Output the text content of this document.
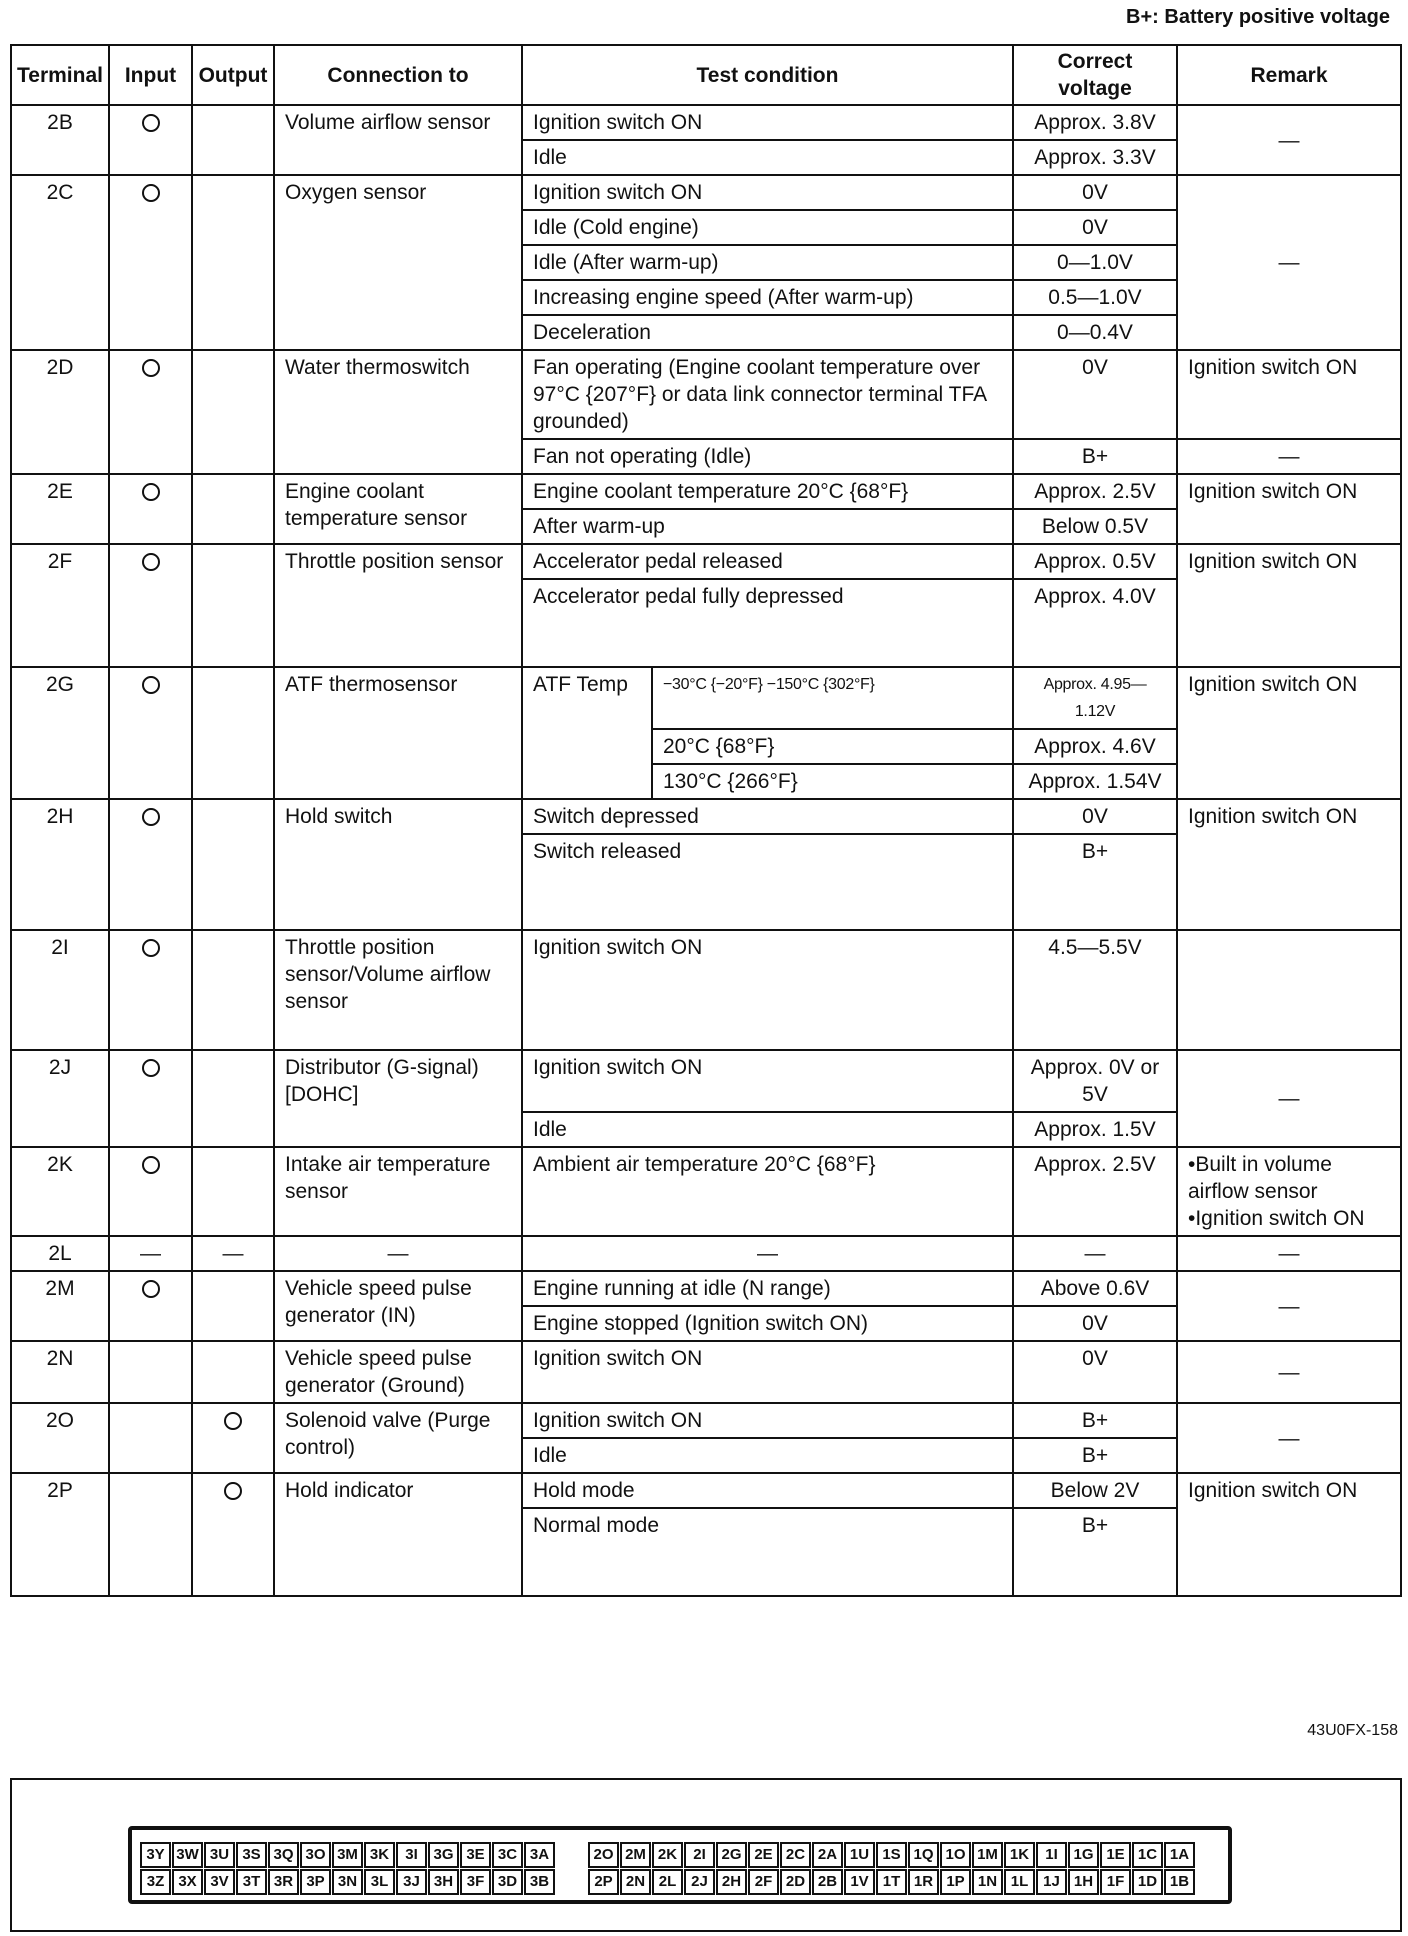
B+: Battery positive voltage
Terminal	Input	Output	Connection to	Test condition		Correct voltage	Remark
2B			Volume airflow sensor	Ignition switch ON		Approx. 3.8V	—
				Idle		Approx. 3.3V	
2C			Oxygen sensor	Ignition switch ON		0V	—
				Idle (Cold engine)		0V	
				Idle (After warm-up)		0—1.0V	
				Increasing engine speed (After warm-up)		0.5—1.0V	
				Deceleration		0—0.4V	
2D			Water thermoswitch	Fan operating (Engine coolant temperature over 97°C {207°F} or data link connector terminal TFA grounded)		0V	Ignition switch ON
				Fan not operating (Idle)		B+	—
2E			Engine coolant temperature sensor	Engine coolant temperature 20°C {68°F}		Approx. 2.5V	Ignition switch ON
				After warm-up		Below 0.5V	
2F			Throttle position sensor	Accelerator pedal released		Approx. 0.5V	Ignition switch ON
				Accelerator pedal fully depressed		Approx. 4.0V	
2G			ATF thermosensor	ATF Temp	−30°C {−20°F} −150°C {302°F}	Approx. 4.95—1.12V	Ignition switch ON
					20°C {68°F}	Approx. 4.6V	
					130°C {266°F}	Approx. 1.54V	
2H			Hold switch	Switch depressed		0V	Ignition switch ON
				Switch released		B+	
2I			Throttle position sensor/Volume airflow sensor	Ignition switch ON		4.5—5.5V	
2J			Distributor (G-signal) [DOHC]	Ignition switch ON		Approx. 0V or 5V	—
				Idle		Approx. 1.5V	
2K			Intake air temperature sensor	Ambient air temperature 20°C {68°F}		Approx. 2.5V	•Built in volume airflow sensor
•Ignition switch ON

2L	—	—	—	—		—	—
2M			Vehicle speed pulse generator (IN)	Engine running at idle (N range)		Above 0.6V	—
				Engine stopped (Ignition switch ON)		0V	
2N			Vehicle speed pulse generator (Ground)	Ignition switch ON		0V	—
2O			Solenoid valve (Purge control)	Ignition switch ON		B+	—
				Idle		B+	
2P			Hold indicator	Hold mode		Below 2V	Ignition switch ON
				Normal mode		B+	
43U0FX-158
3Y 3W 3U 3S 3Q 3O 3M 3K	3I	3G 3E 3C 3A	2O 2M 2K	2I	2G 2E 2C 2A 1U 1S 1Q 1O 1M 1K	1I	1G 1E 1C 1A
3Z 3X 3V 3T 3R 3P 3N 3L 3J 3H 3F 3D 3B	2P 2N 2L 2J 2H 2F 2D 2B 1V 1T 1R 1P 1N 1L 1J 1H 1F 1D 1B
